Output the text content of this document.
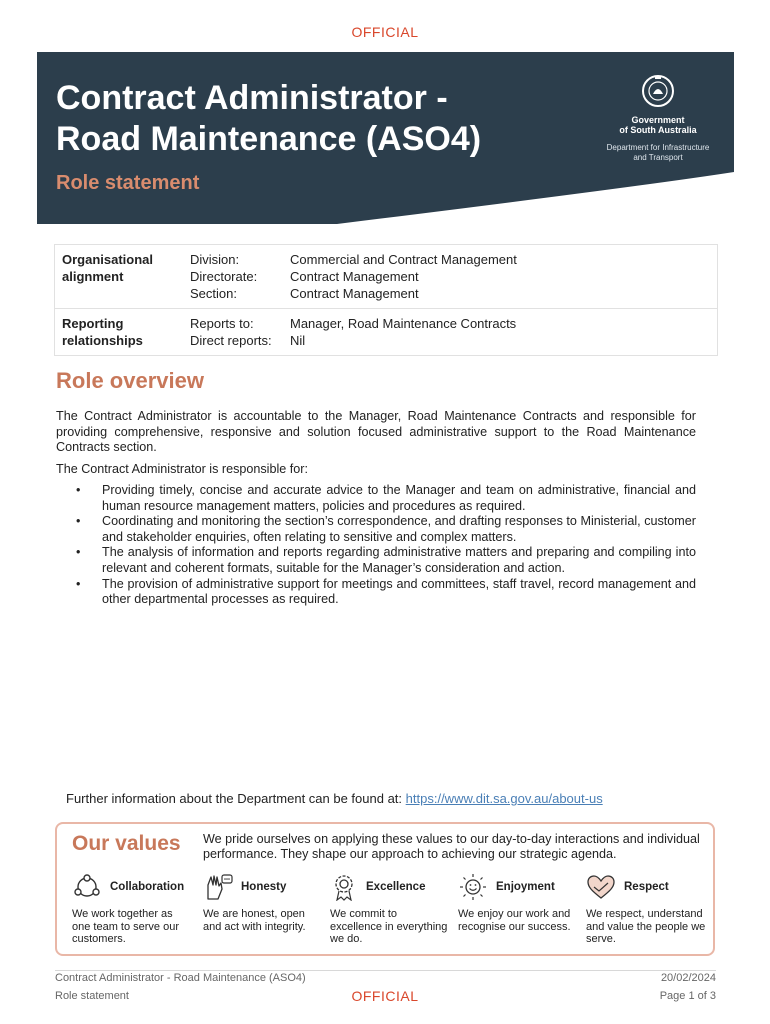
OFFICIAL
Contract Administrator -
Road Maintenance (ASO4)
Role statement
Government
of South Australia
Department for Infrastructure
and Transport
Organisational alignment
Division:	Commercial and Contract Management
Directorate:	Contract Management
Section:	Contract Management
Reporting relationships
Reports to:	Manager, Road Maintenance Contracts
Direct reports:	Nil
Role overview

The Contract Administrator is accountable to the Manager, Road Maintenance Contracts and responsible for providing comprehensive, responsive and solution focused administrative support to the Road Maintenance Contracts section.

The Contract Administrator is responsible for:

• Providing timely, concise and accurate advice to the Manager and team on administrative, financial and human resource management matters, policies and procedures as required.
• Coordinating and monitoring the section’s correspondence, and drafting responses to Ministerial, customer and stakeholder enquiries, often relating to sensitive and complex matters.
• The analysis of information and reports regarding administrative matters and preparing and compiling into relevant and coherent formats, suitable for the Manager’s consideration and action.
• The provision of administrative support for meetings and committees, staff travel, record management and other departmental processes as required.
Further information about the Department can be found at: https://www.dit.sa.gov.au/about-us
Our values We pride ourselves on applying these values to our day-to-day interactions and individual performance. They shape our approach to achieving our strategic agenda.

Collaboration
We work together as one team to serve our customers.
Honesty
We are honest, open and act with integrity.
Excellence
We commit to excellence in everything we do.
Enjoyment
We enjoy our work and recognise our success.
Respect
We respect, understand and value the people we serve.
Contract Administrator - Road Maintenance (ASO4)
Role statement	OFFICIAL
20/02/2024
Page 1 of 3
